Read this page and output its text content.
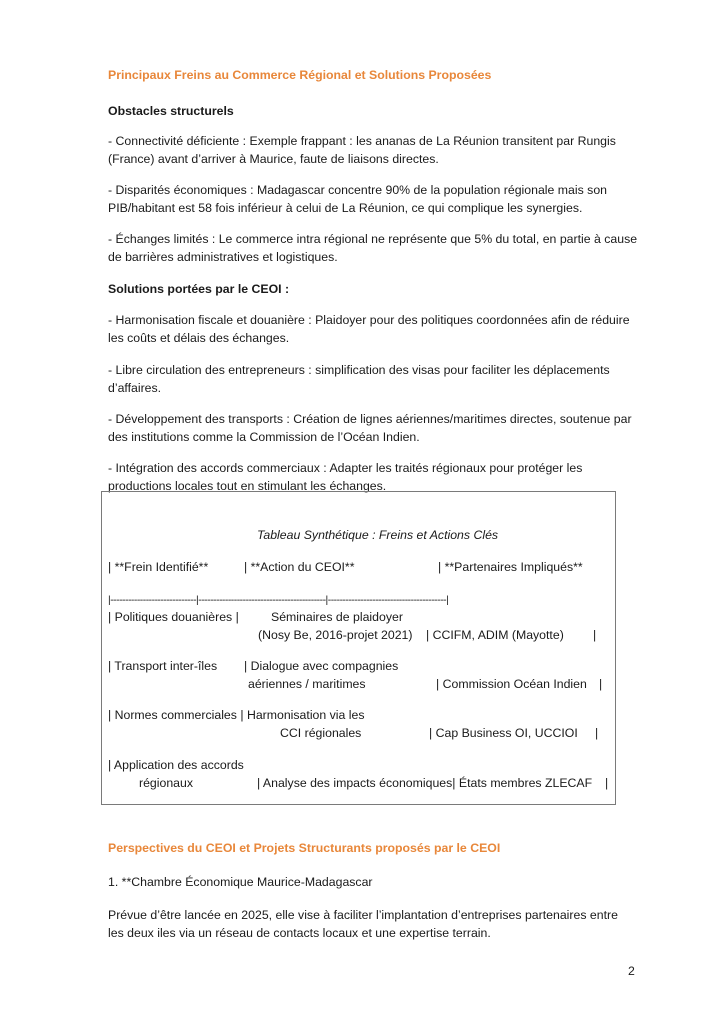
Principaux Freins au Commerce Régional et Solutions Proposées
Obstacles structurels
- Connectivité déficiente : Exemple frappant : les ananas de La Réunion transitent par Rungis
(France) avant d’arriver à Maurice, faute de liaisons directes.
- Disparités économiques : Madagascar concentre 90% de la population régionale mais son
PIB/habitant est 58 fois inférieur à celui de La Réunion, ce qui complique les synergies.
- Échanges limités : Le commerce intra régional ne représente que 5% du total, en partie à cause
de barrières administratives et logistiques.
Solutions portées par le CEOI :
- Harmonisation fiscale et douanière : Plaidoyer pour des politiques coordonnées afin de réduire
les coûts et délais des échanges.
- Libre circulation des entrepreneurs : simplification des visas pour faciliter les déplacements
d’affaires.
- Développement des transports : Création de lignes aériennes/maritimes directes, soutenue par
des institutions comme la Commission de l’Océan Indien.
- Intégration des accords commerciaux : Adapter les traités régionaux pour protéger les
productions locales tout en stimulant les échanges.
Tableau Synthétique : Freins et Actions Clés
| **Frein Identifié**	| **Action du CEOI**	| **Partenaires Impliqués**
|-----------------------------|-------------------------------------------|----------------------------------------|
| Politiques douanières |	Séminaires de plaidoyer
(Nosy Be, 2016-projet 2021) | CCIFM, ADIM (Mayotte) |
| Transport inter-îles | Dialogue avec compagnies
aériennes / maritimes	| Commission Océan Indien |
| Normes commerciales | Harmonisation via les
CCI régionales	| Cap Business OI, UCCIOI |
| Application des accords
régionaux	| Analyse des impacts économiques| États membres ZLECAF |
Perspectives du CEOI et Projets Structurants proposés par le CEOI
1. **Chambre Économique Maurice-Madagascar
Prévue d’être lancée en 2025, elle vise à faciliter l’implantation d’entreprises partenaires entre
les deux iles via un réseau de contacts locaux et une expertise terrain.
2
